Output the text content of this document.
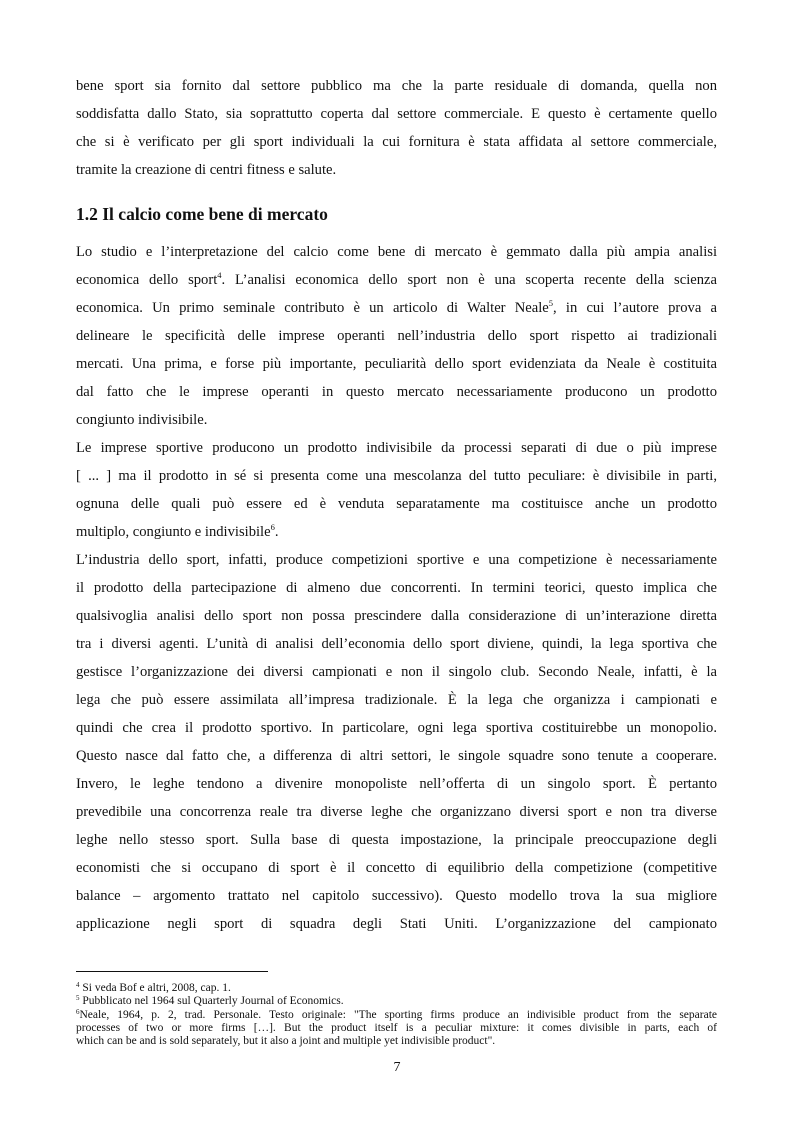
bene sport sia fornito dal settore pubblico ma che la parte residuale di domanda, quella non
soddisfatta dallo Stato, sia soprattutto coperta dal settore commerciale. E questo è certamente quello
che si è verificato per gli sport individuali la cui fornitura è stata affidata al settore commerciale,
tramite la creazione di centri fitness e salute.
1.2 Il calcio come bene di mercato
Lo studio e l’interpretazione del calcio come bene di mercato è gemmato dalla più ampia analisi
economica dello sport$^4$. L’analisi economica dello sport non è una scoperta recente della scienza
economica. Un primo seminale contributo è un articolo di Walter Neale$^5$, in cui l’autore prova a
delineare le specificità delle imprese operanti nell’industria dello sport rispetto ai tradizionali
mercati. Una prima, e forse più importante, peculiarità dello sport evidenziata da Neale è costituita
dal fatto che le imprese operanti in questo mercato necessariamente producono un prodotto
congiunto indivisibile.
Le imprese sportive producono un prodotto indivisibile da processi separati di due o più imprese
[ ... ] ma il prodotto in sé si presenta come una mescolanza del tutto peculiare: è divisibile in parti,
ognuna delle quali può essere ed è venduta separatamente ma costituisce anche un prodotto
multiplo, congiunto e indivisibile$^6$.
L’industria dello sport, infatti, produce competizioni sportive e una competizione è necessariamente
il prodotto della partecipazione di almeno due concorrenti. In termini teorici, questo implica che
qualsivoglia analisi dello sport non possa prescindere dalla considerazione di un’interazione diretta
tra i diversi agenti. L’unità di analisi dell’economia dello sport diviene, quindi, la lega sportiva che
gestisce l’organizzazione dei diversi campionati e non il singolo club. Secondo Neale, infatti, è la
lega che può essere assimilata all’impresa tradizionale. È la lega che organizza i campionati e
quindi che crea il prodotto sportivo. In particolare, ogni lega sportiva costituirebbe un monopolio.
Questo nasce dal fatto che, a differenza di altri settori, le singole squadre sono tenute a cooperare.
Invero, le leghe tendono a divenire monopoliste nell’offerta di un singolo sport. È pertanto
prevedibile una concorrenza reale tra diverse leghe che organizzano diversi sport e non tra diverse
leghe nello stesso sport. Sulla base di questa impostazione, la principale preoccupazione degli
economisti che si occupano di sport è il concetto di equilibrio della competizione (competitive
balance – argomento trattato nel capitolo successivo). Questo modello trova la sua migliore
applicazione negli sport di squadra degli Stati Uniti. L’organizzazione del campionato
$^4$ Si veda Bof e altri, 2008, cap. 1.
$^5$ Pubblicato nel 1964 sul Quarterly Journal of Economics.
$^6$Neale, 1964, p. 2, trad. Personale. Testo originale: "The sporting firms produce an indivisible product from the separate
processes of two or more firms […]. But the product itself is a peculiar mixture: it comes divisible in parts, each of
which can be and is sold separately, but it also a joint and multiple yet indivisible product".
7
